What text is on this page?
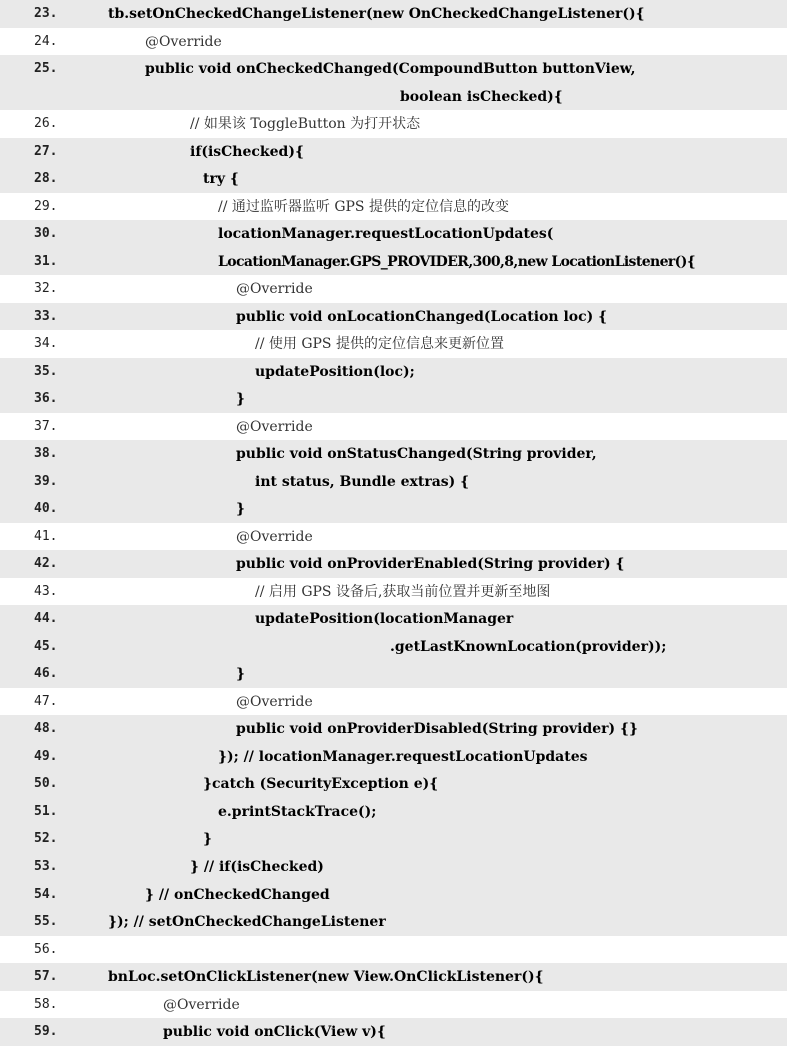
23.	tb.setOnCheckedChangeListener(new OnCheckedChangeListener(){
24.	@Override
25.	public void onCheckedChanged(CompoundButton buttonView,
boolean isChecked){
26.	// 如果该 ToggleButton 为打开状态
27.	if(isChecked){
28.	try {
29.	// 通过监听器监听 GPS 提供的定位信息的改变
30.	locationManager.requestLocationUpdates(
31.	LocationManager.GPS_PROVIDER,300,8,new LocationListener(){
32.	@Override
33.	public void onLocationChanged(Location loc) {
34.	// 使用 GPS 提供的定位信息来更新位置
35.	updatePosition(loc);
36.	}
37.	@Override
38.	public void onStatusChanged(String provider,
39.	int status, Bundle extras) {
40.	}
41.	@Override
42.	public void onProviderEnabled(String provider) {
43.	// 启用 GPS 设备后,获取当前位置并更新至地图
44.	updatePosition(locationManager
45.	.getLastKnownLocation(provider));
46.	}
47.	@Override
48.	public void onProviderDisabled(String provider) {}
49.	}); // locationManager.requestLocationUpdates
50.	}catch (SecurityException e){
51.	e.printStackTrace();
52.	}
53.	} // if(isChecked)
54.	} // onCheckedChanged
55.	}); // setOnCheckedChangeListener
56.
57.	bnLoc.setOnClickListener(new View.OnClickListener(){
58.	@Override
59.	public void onClick(View v){
